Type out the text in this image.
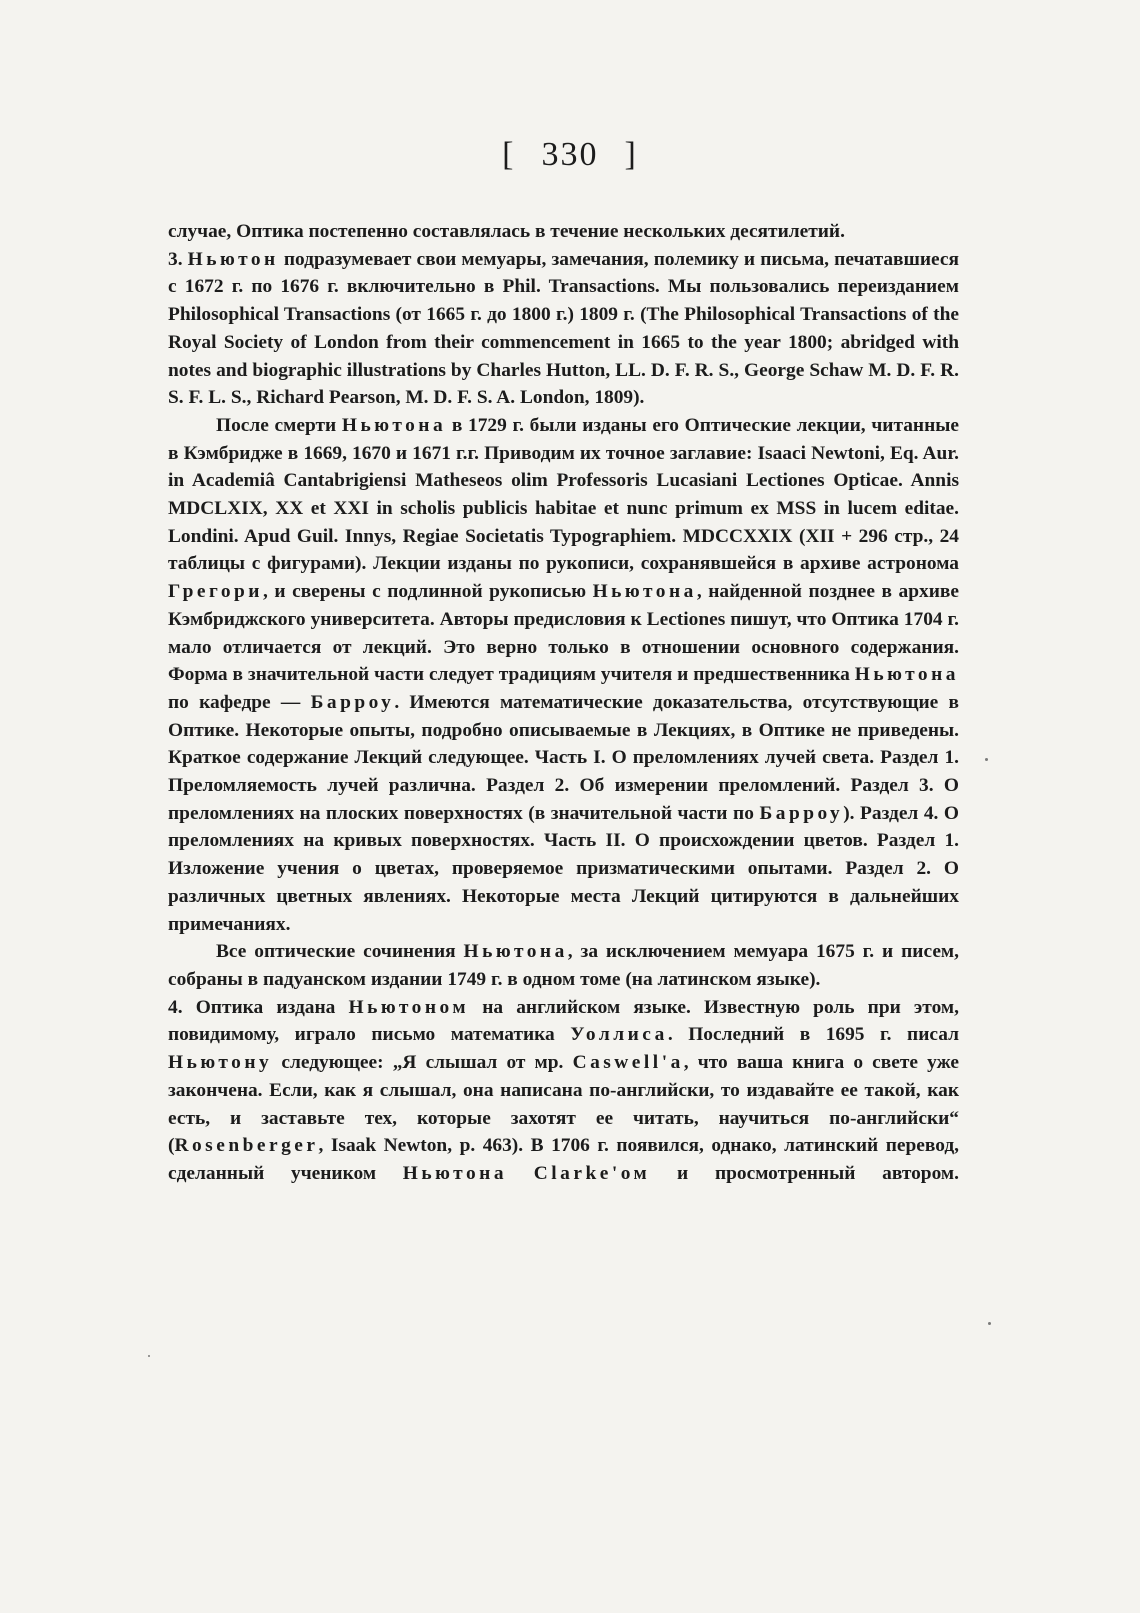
[ 330 ]

случае, Оптика постепенно составлялась в течение нескольких десятилетий.

3. Ньютон подразумевает свои мемуары, замечания, полемику и письма, печатавшиеся с 1672 г. по 1676 г. включительно в Phil. Transactions. Мы пользовались переизданием Philosophical Transactions (от 1665 г. до 1800 г.) 1809 г. (The Philosophical Transactions of the Royal Society of London from their commencement in 1665 to the year 1800; abridged with notes and biographic illustrations by Charles Hutton, LL. D. F. R. S., George Schaw M. D. F. R. S. F. L. S., Richard Pearson, M. D. F. S. A. London, 1809).

После смерти Ньютона в 1729 г. были изданы его Оптические лекции, читанные в Кэмбридже в 1669, 1670 и 1671 г.г. Приводим их точное заглавие: Isaaci Newtoni, Eq. Aur. in Academiâ Cantabrigiensi Matheseos olim Professoris Lucasiani Lectiones Opticae. Annis MDCLXIX, XX et XXI in scholis publicis habitae et nunc primum ex MSS in lucem editae. Londini. Apud Guil. Innys, Regiae Societatis Typographiem. MDCCXXIX (XII + 296 стр., 24 таблицы с фигурами). Лекции изданы по рукописи, сохранявшейся в архиве астронома Грегори, и сверены с подлинной рукописью Ньютона, найденной позднее в архиве Кэмбриджского университета. Авторы предисловия к Lectiones пишут, что Оптика 1704 г. мало отличается от лекций. Это верно только в отношении основного содержания. Форма в значительной части следует традициям учителя и предшественника Ньютона по кафедре — Барроу. Имеются математические доказательства, отсутствующие в Оптике. Некоторые опыты, подробно описываемые в Лекциях, в Оптике не приведены. Краткое содержание Лекций следующее. Часть I. О преломлениях лучей света. Раздел 1. Преломляемость лучей различна. Раздел 2. Об измерении преломлений. Раздел 3. О преломлениях на плоских поверхностях (в значительной части по Барроу). Раздел 4. О преломлениях на кривых поверхностях. Часть II. О происхождении цветов. Раздел 1. Изложение учения о цветах, проверяемое призматическими опытами. Раздел 2. О различных цветных явлениях. Некоторые места Лекций цитируются в дальнейших примечаниях.

Все оптические сочинения Ньютона, за исключением мемуара 1675 г. и писем, собраны в падуанском издании 1749 г. в одном томе (на латинском языке).

4. Оптика издана Ньютоном на английском языке. Известную роль при этом, повидимому, играло письмо математика Уоллиса. Последний в 1695 г. писал Ньютону следующее: „Я слышал от мр. Caswell'а, что ваша книга о свете уже закончена. Если, как я слышал, она написана по-английски, то издавайте ее такой, как есть, и заставьте тех, которые захотят ее читать, научиться по-английски“ (Rosenberger, Isaak Newton, p. 463). В 1706 г. появился, однако, латинский перевод, сделанный учеником Ньютона Clarke'ом и просмотренный автором.
